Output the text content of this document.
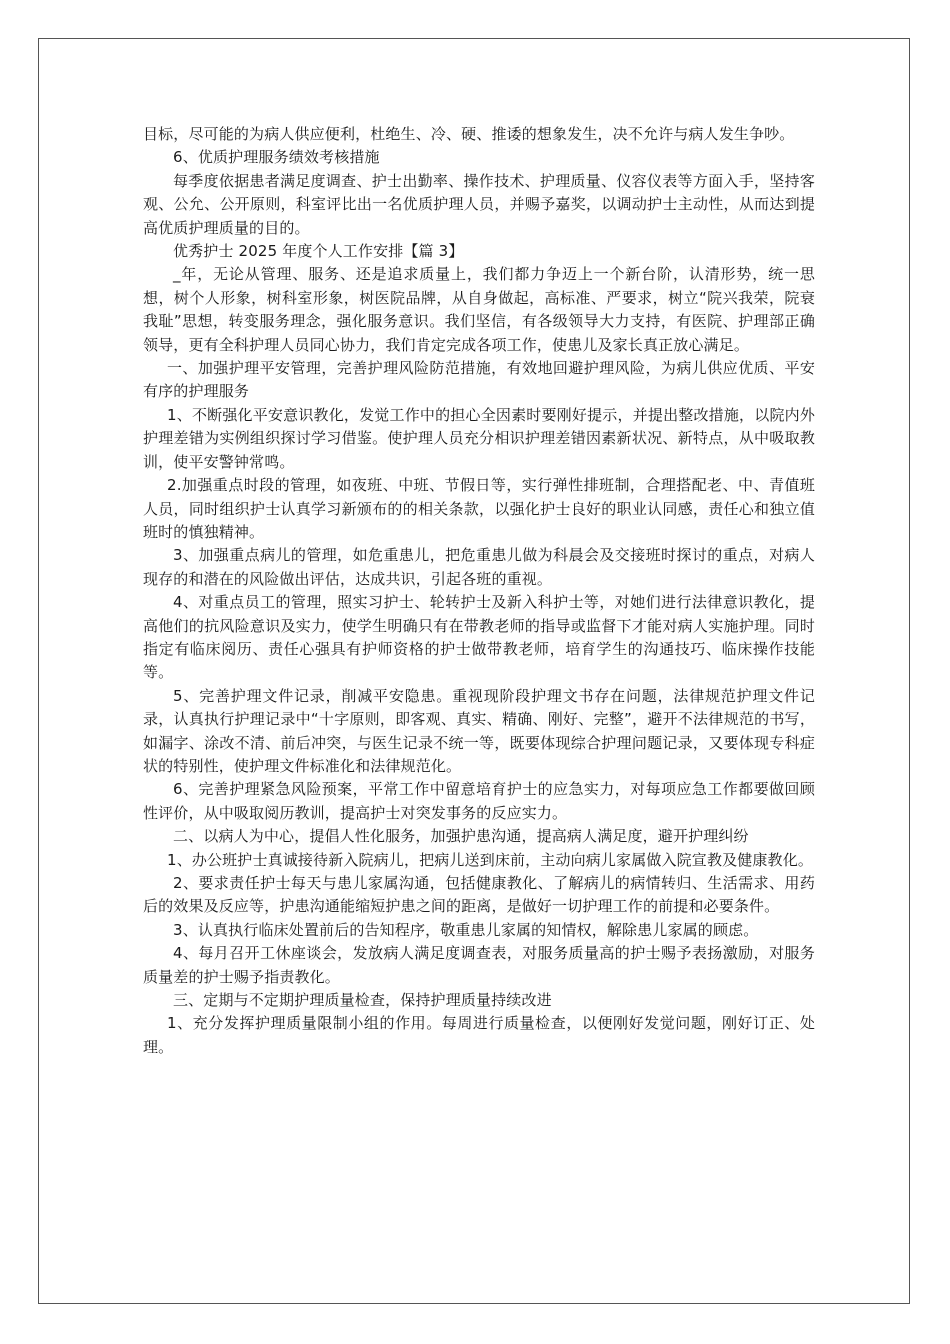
目标，尽可能的为病人供应便利，杜绝生、冷、硬、推诿的想象发生，决不允许与病人发生争吵。

6、优质护理服务绩效考核措施

每季度依据患者满足度调查、护士出勤率、操作技术、护理质量、仪容仪表等方面入手，坚持客观、公允、公开原则，科室评比出一名优质护理人员，并赐予嘉奖，以调动护士主动性，从而达到提高优质护理质量的目的。

优秀护士 2025 年度个人工作安排【篇 3】

_年，无论从管理、服务、还是追求质量上，我们都力争迈上一个新台阶，认清形势，统一思想，树个人形象，树科室形象，树医院品牌，从自身做起，高标准、严要求，树立“院兴我荣，院衰我耻”思想，转变服务理念，强化服务意识。我们坚信，有各级领导大力支持，有医院、护理部正确领导，更有全科护理人员同心协力，我们肯定完成各项工作，使患儿及家长真正放心满足。

一、加强护理平安管理，完善护理风险防范措施，有效地回避护理风险，为病儿供应优质、平安有序的护理服务

1、不断强化平安意识教化，发觉工作中的担心全因素时要刚好提示，并提出整改措施，以院内外护理差错为实例组织探讨学习借鉴。使护理人员充分相识护理差错因素新状况、新特点，从中吸取教训，使平安警钟常鸣。

2.加强重点时段的管理，如夜班、中班、节假日等，实行弹性排班制，合理搭配老、中、青值班人员，同时组织护士认真学习新颁布的的相关条款，以强化护士良好的职业认同感，责任心和独立值班时的慎独精神。

3、加强重点病儿的管理，如危重患儿，把危重患儿做为科晨会及交接班时探讨的重点，对病人现存的和潜在的风险做出评估，达成共识，引起各班的重视。

4、对重点员工的管理，照实习护士、轮转护士及新入科护士等，对她们进行法律意识教化，提高他们的抗风险意识及实力，使学生明确只有在带教老师的指导或监督下才能对病人实施护理。同时指定有临床阅历、责任心强具有护师资格的护士做带教老师，培育学生的沟通技巧、临床操作技能等。

5、完善护理文件记录，削减平安隐患。重视现阶段护理文书存在问题，法律规范护理文件记录，认真执行护理记录中“十字原则，即客观、真实、精确、刚好、完整”，避开不法律规范的书写，如漏字、涂改不清、前后冲突，与医生记录不统一等，既要体现综合护理问题记录，又要体现专科症状的特别性，使护理文件标准化和法律规范化。

6、完善护理紧急风险预案，平常工作中留意培育护士的应急实力，对每项应急工作都要做回顾性评价，从中吸取阅历教训，提高护士对突发事务的反应实力。

二、以病人为中心，提倡人性化服务，加强护患沟通，提高病人满足度，避开护理纠纷

1、办公班护士真诚接待新入院病儿，把病儿送到床前，主动向病儿家属做入院宣教及健康教化。

2、要求责任护士每天与患儿家属沟通，包括健康教化、了解病儿的病情转归、生活需求、用药后的效果及反应等，护患沟通能缩短护患之间的距离，是做好一切护理工作的前提和必要条件。

3、认真执行临床处置前后的告知程序，敬重患儿家属的知情权，解除患儿家属的顾虑。

4、每月召开工休座谈会，发放病人满足度调查表，对服务质量高的护士赐予表扬激励，对服务质量差的护士赐予指责教化。

三、定期与不定期护理质量检查，保持护理质量持续改进

1、充分发挥护理质量限制小组的作用。每周进行质量检查，以便刚好发觉问题，刚好订正、处理。
